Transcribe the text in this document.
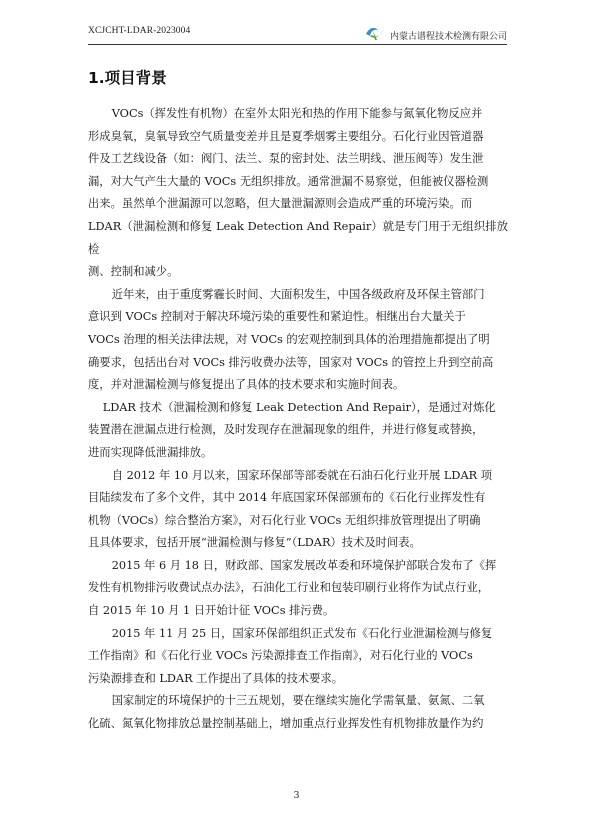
XCJCHT-LDAR-2023004
内蒙古谱程技术检测有限公司
1.项目背景

VOCs（挥发性有机物）在室外太阳光和热的作用下能参与氮氧化物反应并
形成臭氧，臭氧导致空气质量变差并且是夏季烟雾主要组分。石化行业因管道器
件及工艺线设备（如：阀门、法兰、泵的密封处、法兰明线、泄压阀等）发生泄
漏，对大气产生大量的 VOCs 无组织排放。通常泄漏不易察觉，但能被仪器检测
出来。虽然单个泄漏源可以忽略，但大量泄漏源则会造成严重的环境污染。而
LDAR（泄漏检测和修复 Leak Detection And Repair）就是专门用于无组织排放检
测、控制和减少。

近年来，由于重度雾霾长时间、大面积发生，中国各级政府及环保主管部门
意识到 VOCs 控制对于解决环境污染的重要性和紧迫性。相继出台大量关于
VOCs 治理的相关法律法规，对 VOCs 的宏观控制到具体的治理措施都提出了明
确要求，包括出台对 VOCs 排污收费办法等，国家对 VOCs 的管控上升到空前高
度，并对泄漏检测与修复提出了具体的技术要求和实施时间表。

LDAR 技术（泄漏检测和修复 Leak Detection And Repair），是通过对炼化
装置潜在泄漏点进行检测，及时发现存在泄漏现象的组件，并进行修复或替换，
进而实现降低泄漏排放。

自 2012 年 10 月以来，国家环保部等部委就在石油石化行业开展 LDAR 项
目陆续发布了多个文件，其中 2014 年底国家环保部颁布的《石化行业挥发性有
机物（VOCs）综合整治方案》，对石化行业 VOCs 无组织排放管理提出了明确
且具体要求，包括开展“泄漏检测与修复”（LDAR）技术及时间表。

2015 年 6 月 18 日，财政部、国家发展改革委和环境保护部联合发布了《挥
发性有机物排污收费试点办法》，石油化工行业和包装印刷行业将作为试点行业，
自 2015 年 10 月 1 日开始计征 VOCs 排污费。

2015 年 11 月 25 日，国家环保部组织正式发布《石化行业泄漏检测与修复
工作指南》和《石化行业 VOCs 污染源排查工作指南》，对石化行业的 VOCs
污染源排查和 LDAR 工作提出了具体的技术要求。

国家制定的环境保护的十三五规划，要在继续实施化学需氧量、氨氮、二氧
化硫、氮氧化物排放总量控制基础上，增加重点行业挥发性有机物排放量作为约

3
